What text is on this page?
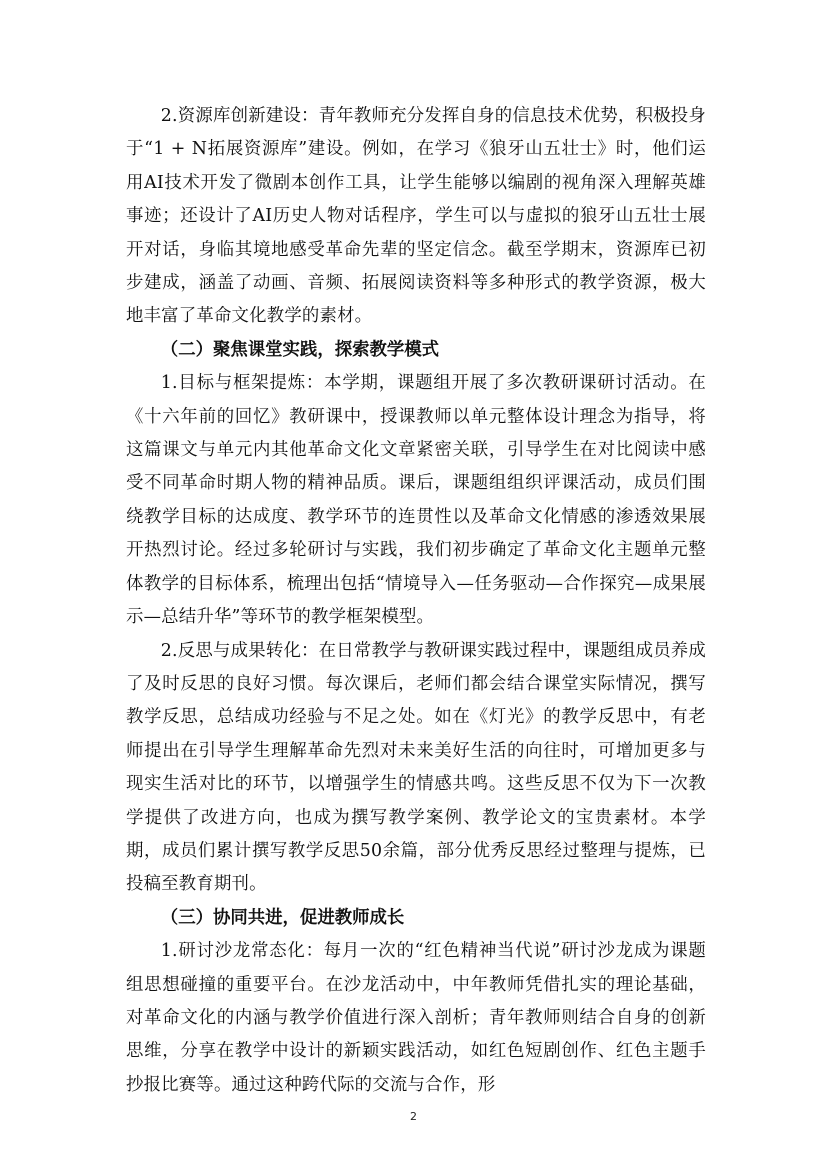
2.资源库创新建设：青年教师充分发挥自身的信息技术优势，积极投身于“1 + N拓展资源库”建设。例如，在学习《狼牙山五壮士》时，他们运用AI技术开发了微剧本创作工具，让学生能够以编剧的视角深入理解英雄事迹；还设计了AI历史人物对话程序，学生可以与虚拟的狼牙山五壮士展开对话，身临其境地感受革命先辈的坚定信念。截至学期末，资源库已初步建成，涵盖了动画、音频、拓展阅读资料等多种形式的教学资源，极大地丰富了革命文化教学的素材。

（二）聚焦课堂实践，探索教学模式

1.目标与框架提炼：本学期，课题组开展了多次教研课研讨活动。在《十六年前的回忆》教研课中，授课教师以单元整体设计理念为指导，将这篇课文与单元内其他革命文化文章紧密关联，引导学生在对比阅读中感受不同革命时期人物的精神品质。课后，课题组组织评课活动，成员们围绕教学目标的达成度、教学环节的连贯性以及革命文化情感的渗透效果展开热烈讨论。经过多轮研讨与实践，我们初步确定了革命文化主题单元整体教学的目标体系，梳理出包括“情境导入—任务驱动—合作探究—成果展示—总结升华”等环节的教学框架模型。

2.反思与成果转化：在日常教学与教研课实践过程中，课题组成员养成了及时反思的良好习惯。每次课后，老师们都会结合课堂实际情况，撰写教学反思，总结成功经验与不足之处。如在《灯光》的教学反思中，有老师提出在引导学生理解革命先烈对未来美好生活的向往时，可增加更多与现实生活对比的环节，以增强学生的情感共鸣。这些反思不仅为下一次教学提供了改进方向，也成为撰写教学案例、教学论文的宝贵素材。本学期，成员们累计撰写教学反思50余篇，部分优秀反思经过整理与提炼，已投稿至教育期刊。

（三）协同共进，促进教师成长

1.研讨沙龙常态化：每月一次的“红色精神当代说”研讨沙龙成为课题组思想碰撞的重要平台。在沙龙活动中，中年教师凭借扎实的理论基础，对革命文化的内涵与教学价值进行深入剖析；青年教师则结合自身的创新思维，分享在教学中设计的新颖实践活动，如红色短剧创作、红色主题手抄报比赛等。通过这种跨代际的交流与合作，形

2
